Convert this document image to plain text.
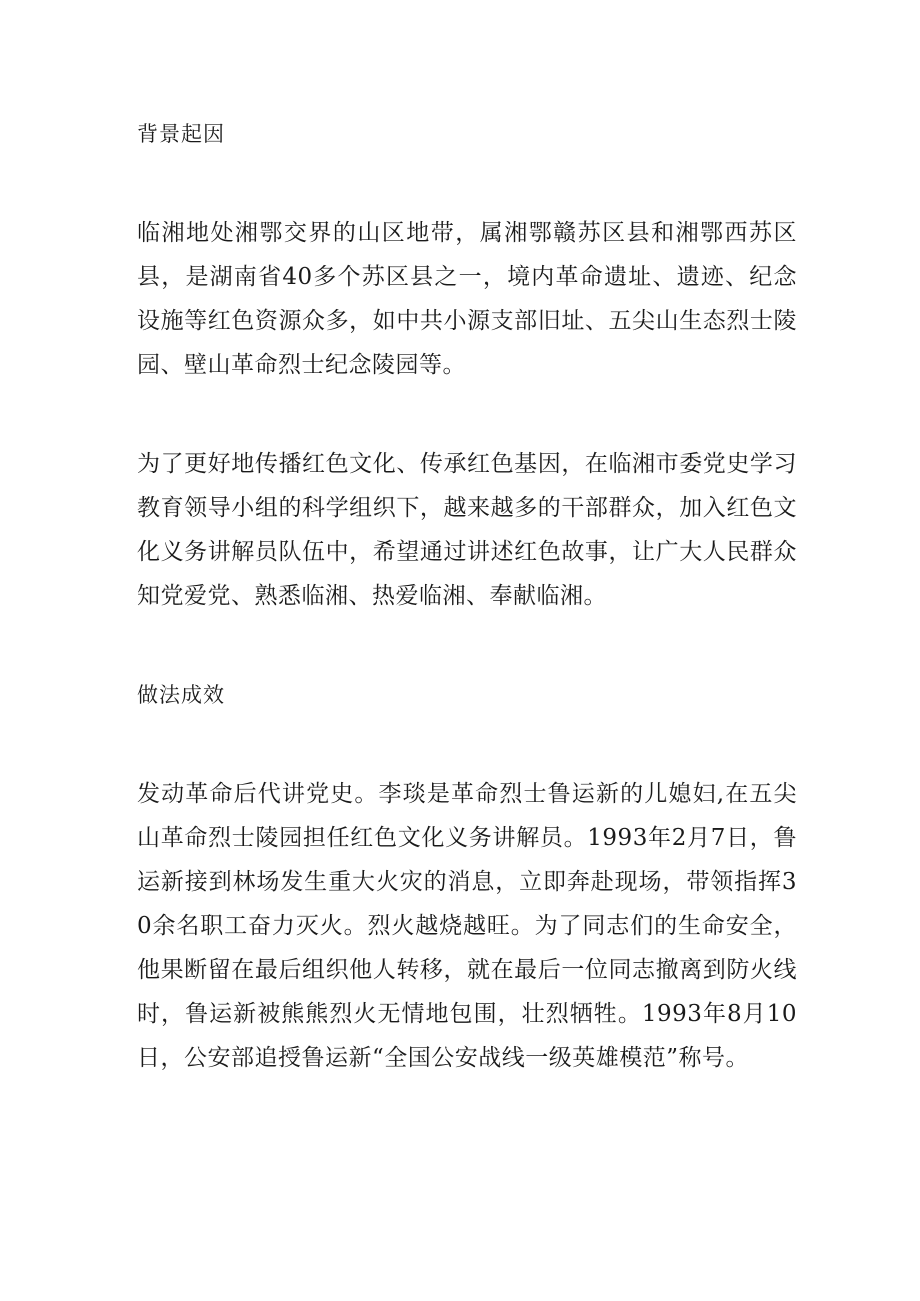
背景起因

临湘地处湘鄂交界的山区地带，属湘鄂赣苏区县和湘鄂西苏区县，是湖南省40多个苏区县之一，境内革命遗址、遗迹、纪念设施等红色资源众多，如中共小源支部旧址、五尖山生态烈士陵园、壁山革命烈士纪念陵园等。

为了更好地传播红色文化、传承红色基因，在临湘市委党史学习教育领导小组的科学组织下，越来越多的干部群众，加入红色文化义务讲解员队伍中，希望通过讲述红色故事，让广大人民群众知党爱党、熟悉临湘、热爱临湘、奉献临湘。

做法成效

发动革命后代讲党史。李琰是革命烈士鲁运新的儿媳妇,在五尖山革命烈士陵园担任红色文化义务讲解员。1993年2月7日，鲁运新接到林场发生重大火灾的消息，立即奔赴现场，带领指挥30余名职工奋力灭火。烈火越烧越旺。为了同志们的生命安全，他果断留在最后组织他人转移，就在最后一位同志撤离到防火线时，鲁运新被熊熊烈火无情地包围，壮烈牺牲。1993年8月10日，公安部追授鲁运新“全国公安战线一级英雄模范”称号。
